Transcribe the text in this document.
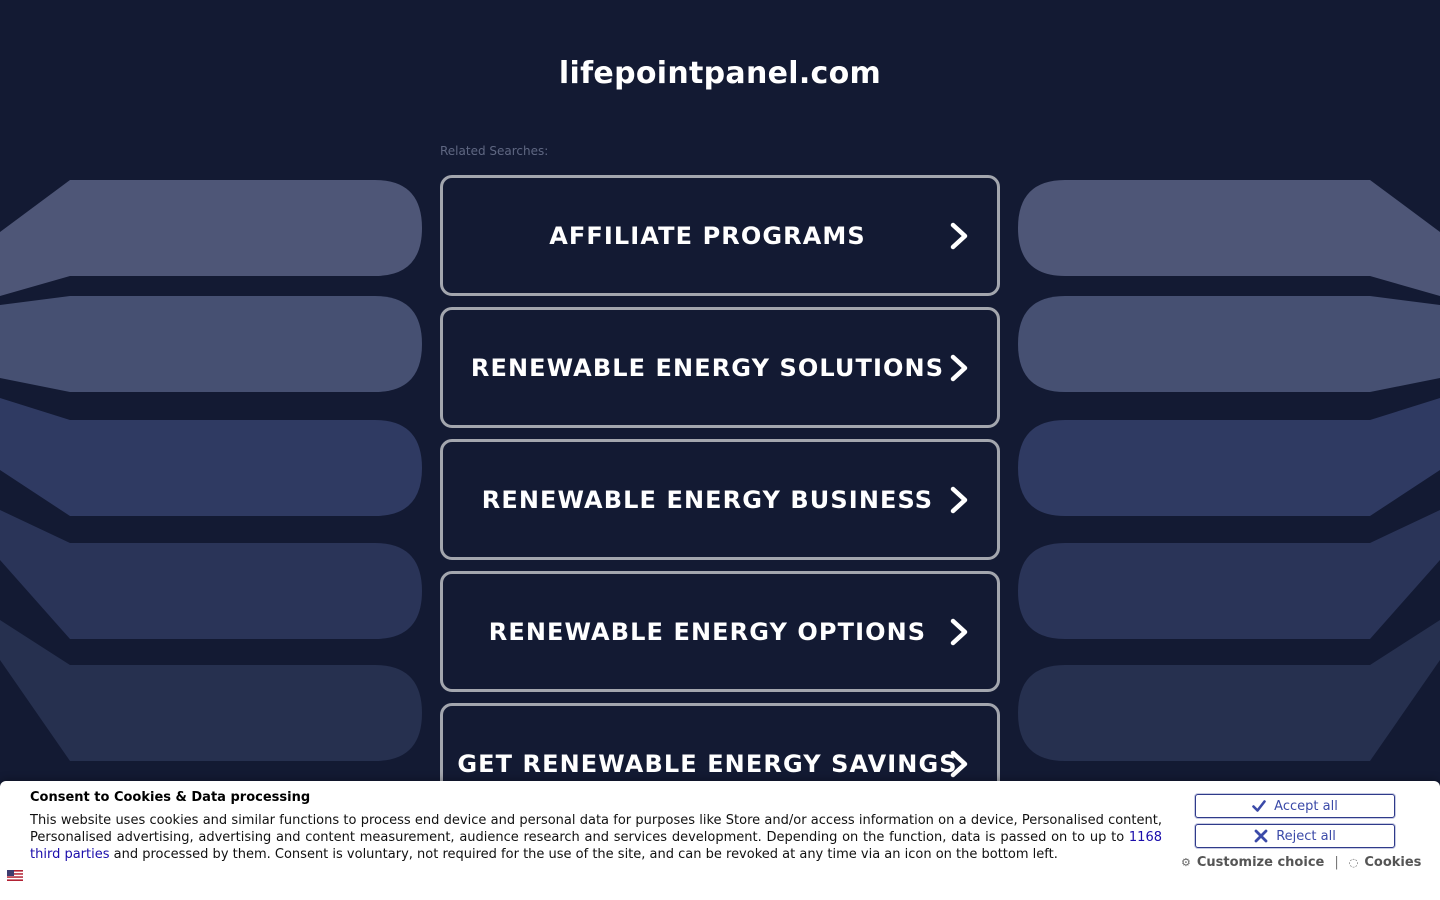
lifepointpanel.com
Related Searches:
AFFILIATE PROGRAMS
RENEWABLE ENERGY SOLUTIONS
RENEWABLE ENERGY BUSINESS
RENEWABLE ENERGY OPTIONS
GET RENEWABLE ENERGY SAVINGS
Consent to Cookies & Data processing
This website uses cookies and similar functions to process end device and personal data for purposes like Store and/or access information on a device, Personalised content, Personalised advertising, advertising and content measurement, audience research and services development. Depending on the function, data is passed on to up to 1168 third parties and processed by them. Consent is voluntary, not required for the use of the site, and can be revoked at any time via an icon on the bottom left.
Accept all
Reject all
⚙ Customize choice | ◌ Cookies
